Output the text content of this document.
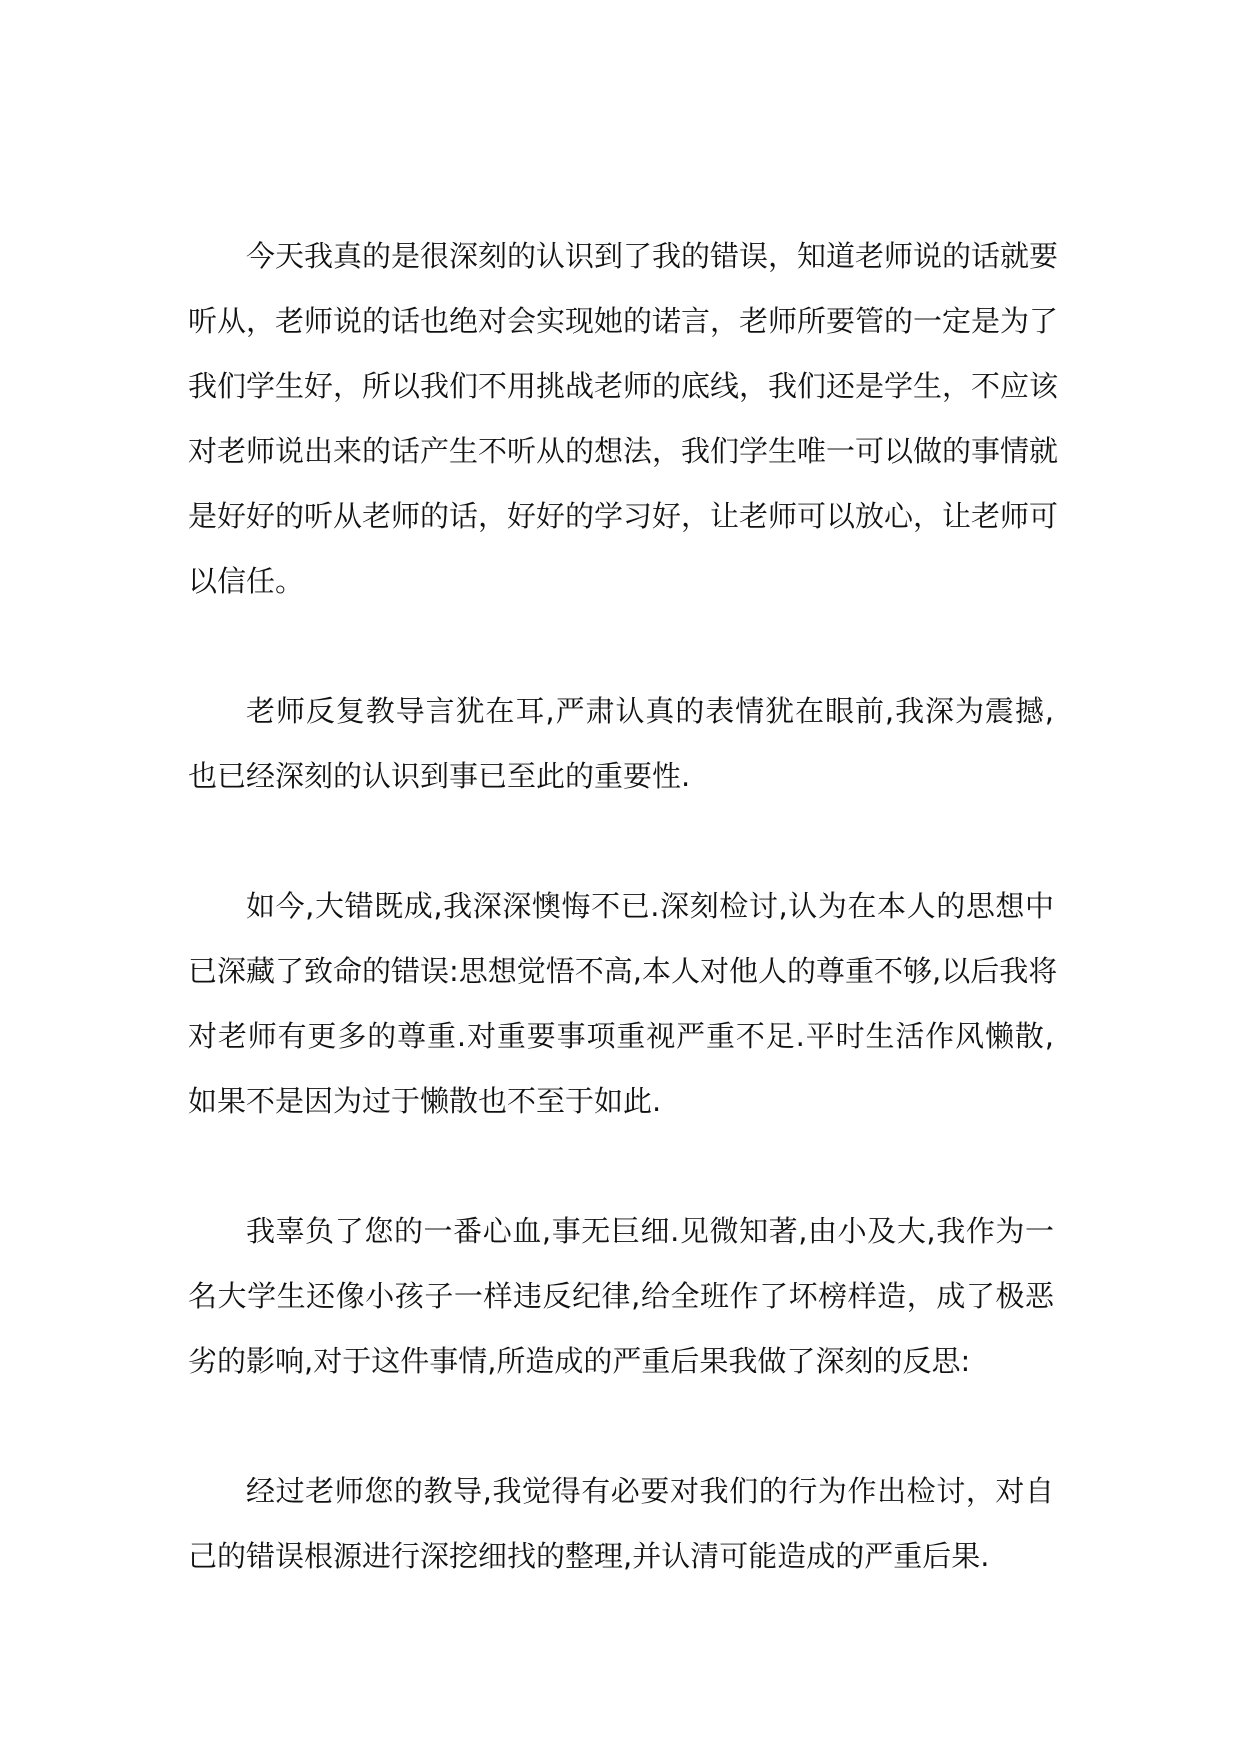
今天我真的是很深刻的认识到了我的错误，知道老师说的话就要
听从，老师说的话也绝对会实现她的诺言，老师所要管的一定是为了
我们学生好，所以我们不用挑战老师的底线，我们还是学生，不应该
对老师说出来的话产生不听从的想法，我们学生唯一可以做的事情就
是好好的听从老师的话，好好的学习好，让老师可以放心，让老师可
以信任。
老师反复教导言犹在耳,严肃认真的表情犹在眼前,我深为震撼,
也已经深刻的认识到事已至此的重要性.
如今,大错既成,我深深懊悔不已.深刻检讨,认为在本人的思想中
已深藏了致命的错误:思想觉悟不高,本人对他人的尊重不够,以后我将
对老师有更多的尊重.对重要事项重视严重不足.平时生活作风懒散,
如果不是因为过于懒散也不至于如此.
我辜负了您的一番心血,事无巨细.见微知著,由小及大,我作为一
名大学生还像小孩子一样违反纪律,给全班作了坏榜样造，成了极恶
劣的影响,对于这件事情,所造成的严重后果我做了深刻的反思:
经过老师您的教导,我觉得有必要对我们的行为作出检讨，对自
己的错误根源进行深挖细找的整理,并认清可能造成的严重后果.
